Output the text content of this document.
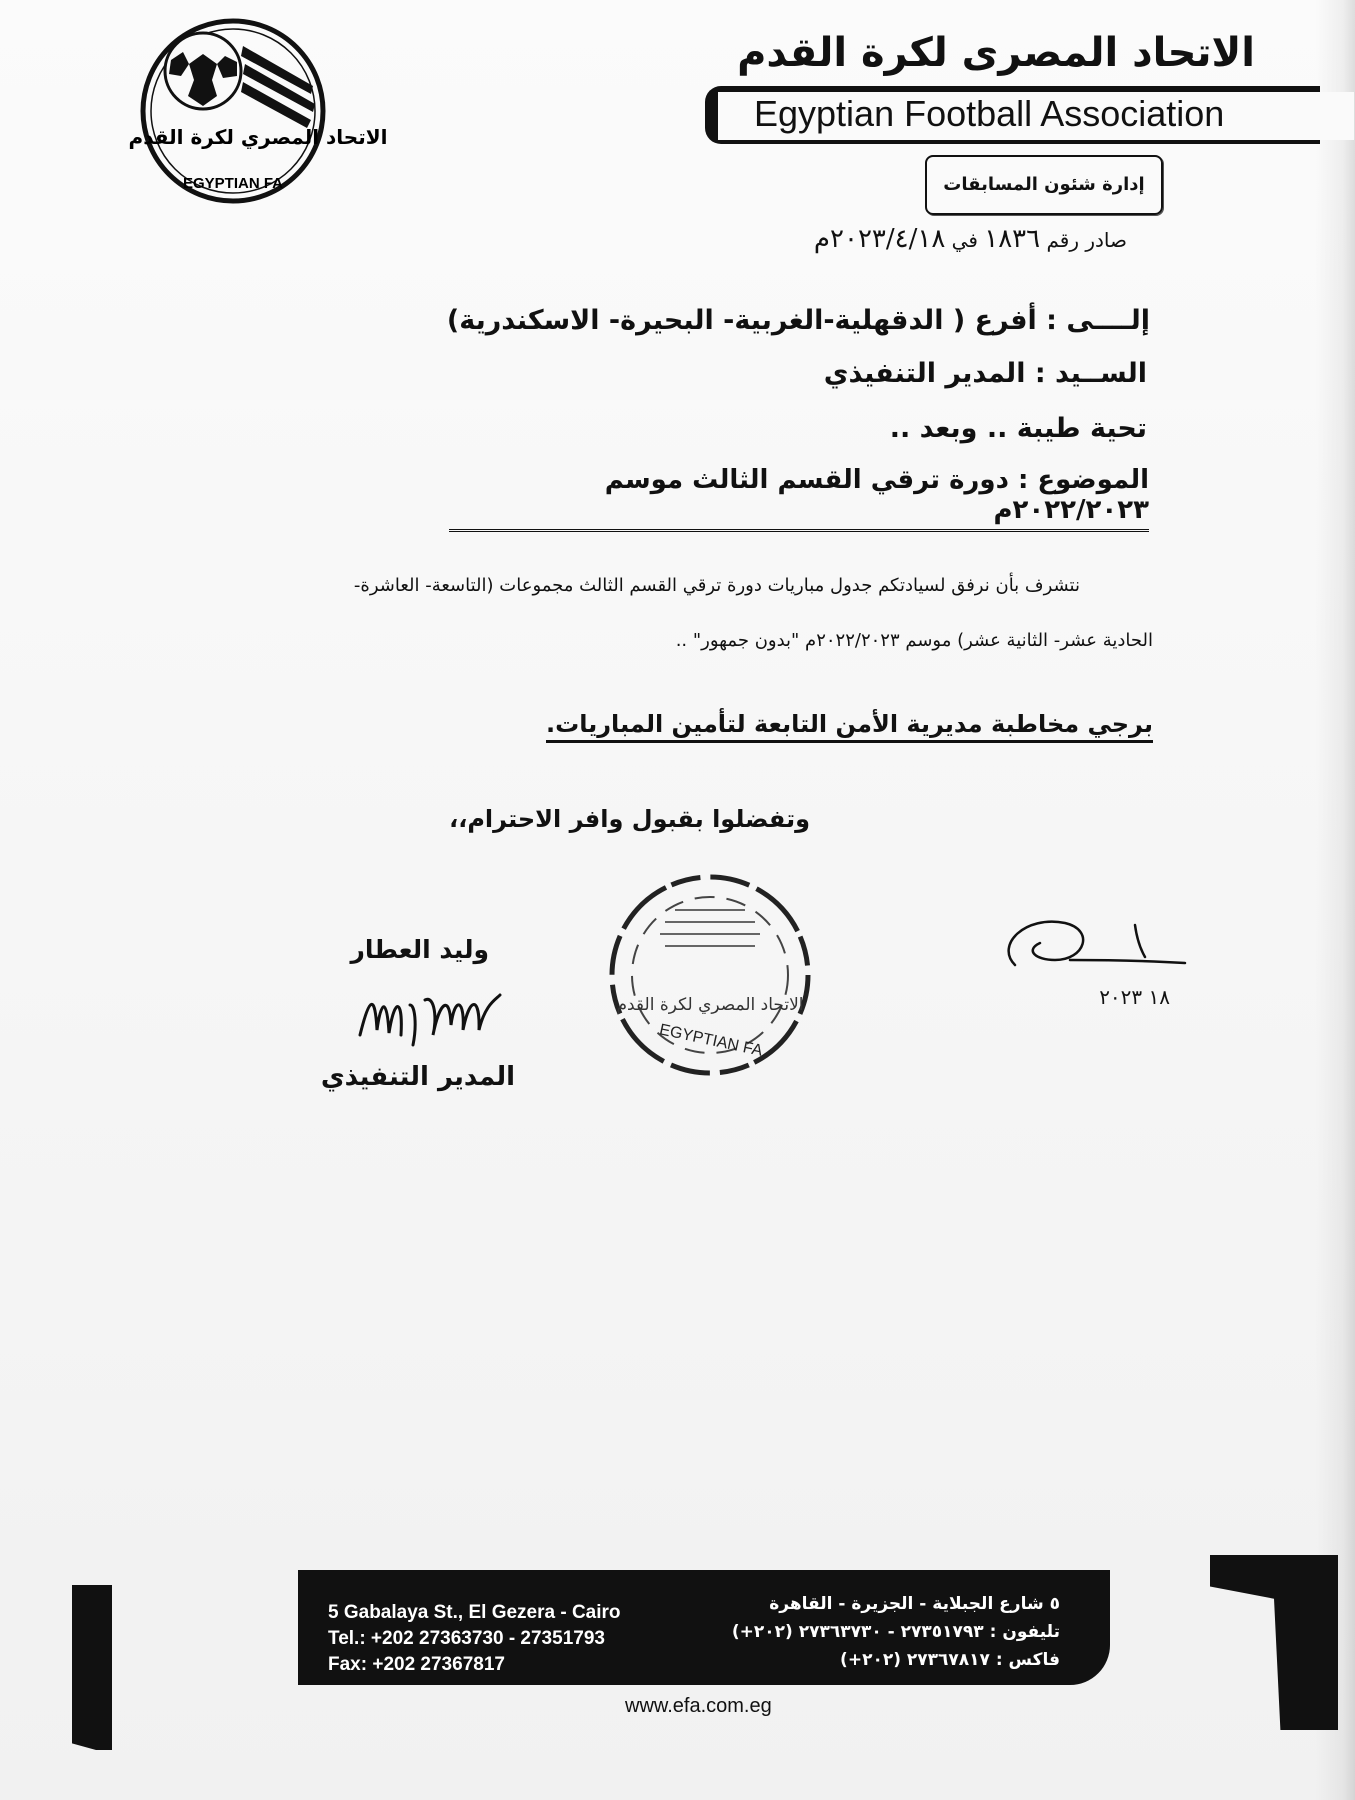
الاتحاد المصري لكرة القدم
EGYPTIAN FA
الاتحاد المصرى لكرة القدم
Egyptian Football Association
إدارة شئون المسابقات
صادر رقم ١٨٣٦ في ٢٠٢٣/٤/١٨م
إلــــى : أفرع ( الدقهلية-الغربية- البحيرة- الاسكندرية)
الســيد : المدير التنفيذي
تحية طيبة .. وبعد ..
الموضوع : دورة ترقي القسم الثالث موسم ٢٠٢٢/٢٠٢٣م
نتشرف بأن نرفق لسيادتكم جدول مباريات دورة ترقي القسم الثالث مجموعات (التاسعة- العاشرة-
الحادية عشر- الثانية عشر) موسم ٢٠٢٢/٢٠٢٣م "بدون جمهور" ..
برجي مخاطبة مديرية الأمن التابعة لتأمين المباريات.
وتفضلوا بقبول وافر الاحترام،،
وليد العطار
المدير التنفيذي
الاتحاد المصري لكرة القدم
EGYPTIAN FA
١٨ ٢٠٢٣
5 Gabalaya St., El Gezera - Cairo
Tel.: +202 27363730 - 27351793
Fax: +202 27367817
٥ شارع الجبلاية - الجزيرة - القاهرة
تليفون : ٢٧٣٥١٧٩٣ - ٢٧٣٦٣٧٣٠ (٢٠٢+)
فاكس : ٢٧٣٦٧٨١٧ (٢٠٢+)
www.efa.com.eg
